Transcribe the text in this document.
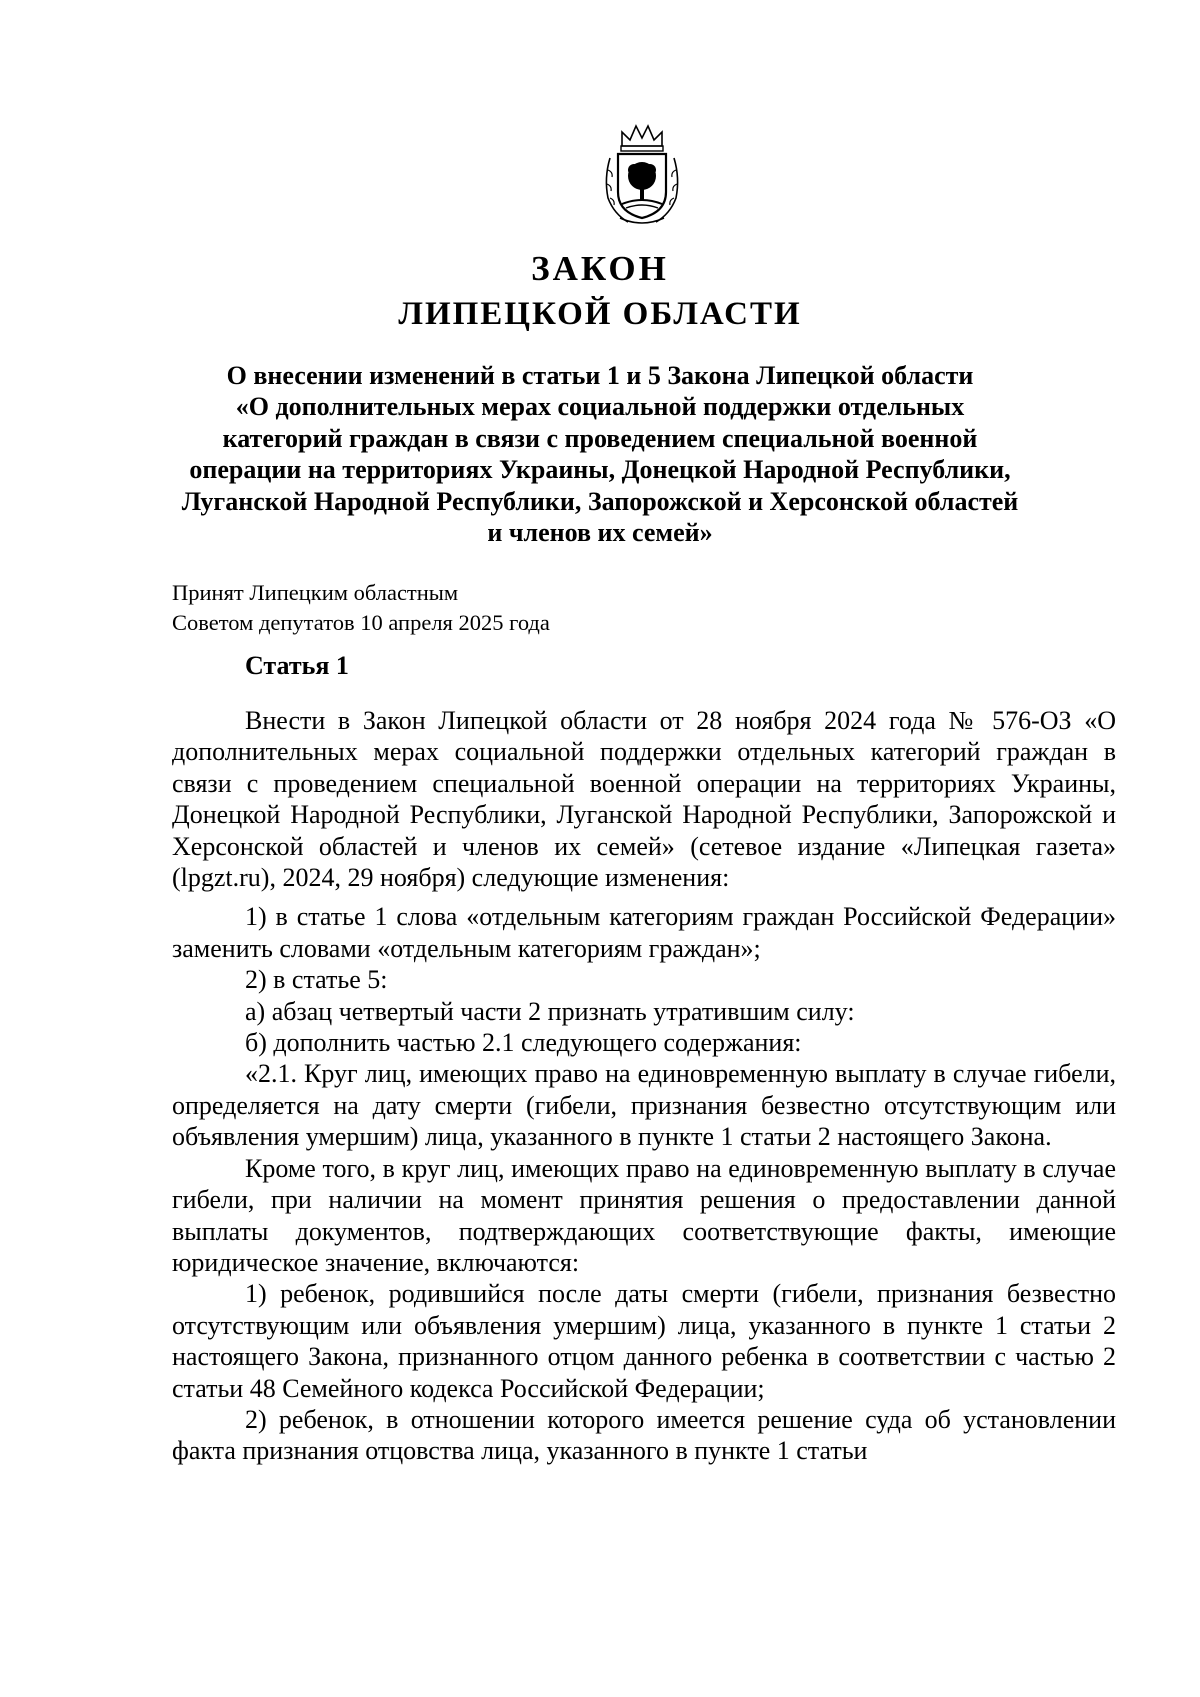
ЗАКОН
ЛИПЕЦКОЙ ОБЛАСТИ
О внесении изменений в статьи 1 и 5 Закона Липецкой области
«О дополнительных мерах социальной поддержки отдельных
категорий граждан в связи с проведением специальной военной
операции на территориях Украины, Донецкой Народной Республики,
Луганской Народной Республики, Запорожской и Херсонской областей
и членов их семей»
Принят Липецким областным
Советом депутатов 10 апреля 2025 года
Статья 1

Внести в Закон Липецкой области от 28 ноября 2024 года № 576-ОЗ «О дополнительных мерах социальной поддержки отдельных категорий граждан в связи с проведением специальной военной операции на территориях Украины, Донецкой Народной Республики, Луганской Народной Республики, Запорожской и Херсонской областей и членов их семей» (сетевое издание «Липецкая газета» (lpgzt.ru), 2024, 29 ноября) следующие изменения:

1) в статье 1 слова «отдельным категориям граждан Российской Федерации» заменить словами «отдельным категориям граждан»;

2) в статье 5:

а) абзац четвертый части 2 признать утратившим силу:

б) дополнить частью 2.1 следующего содержания:

«2.1. Круг лиц, имеющих право на единовременную выплату в случае гибели, определяется на дату смерти (гибели, признания безвестно отсутствующим или объявления умершим) лица, указанного в пункте 1 статьи 2 настоящего Закона.

Кроме того, в круг лиц, имеющих право на единовременную выплату в случае гибели, при наличии на момент принятия решения о предоставлении данной выплаты документов, подтверждающих соответствующие факты, имеющие юридическое значение, включаются:

1) ребенок, родившийся после даты смерти (гибели, признания безвестно отсутствующим или объявления умершим) лица, указанного в пункте 1 статьи 2 настоящего Закона, признанного отцом данного ребенка в соответствии с частью 2 статьи 48 Семейного кодекса Российской Федерации;

2) ребенок, в отношении которого имеется решение суда об установлении факта признания отцовства лица, указанного в пункте 1 статьи
